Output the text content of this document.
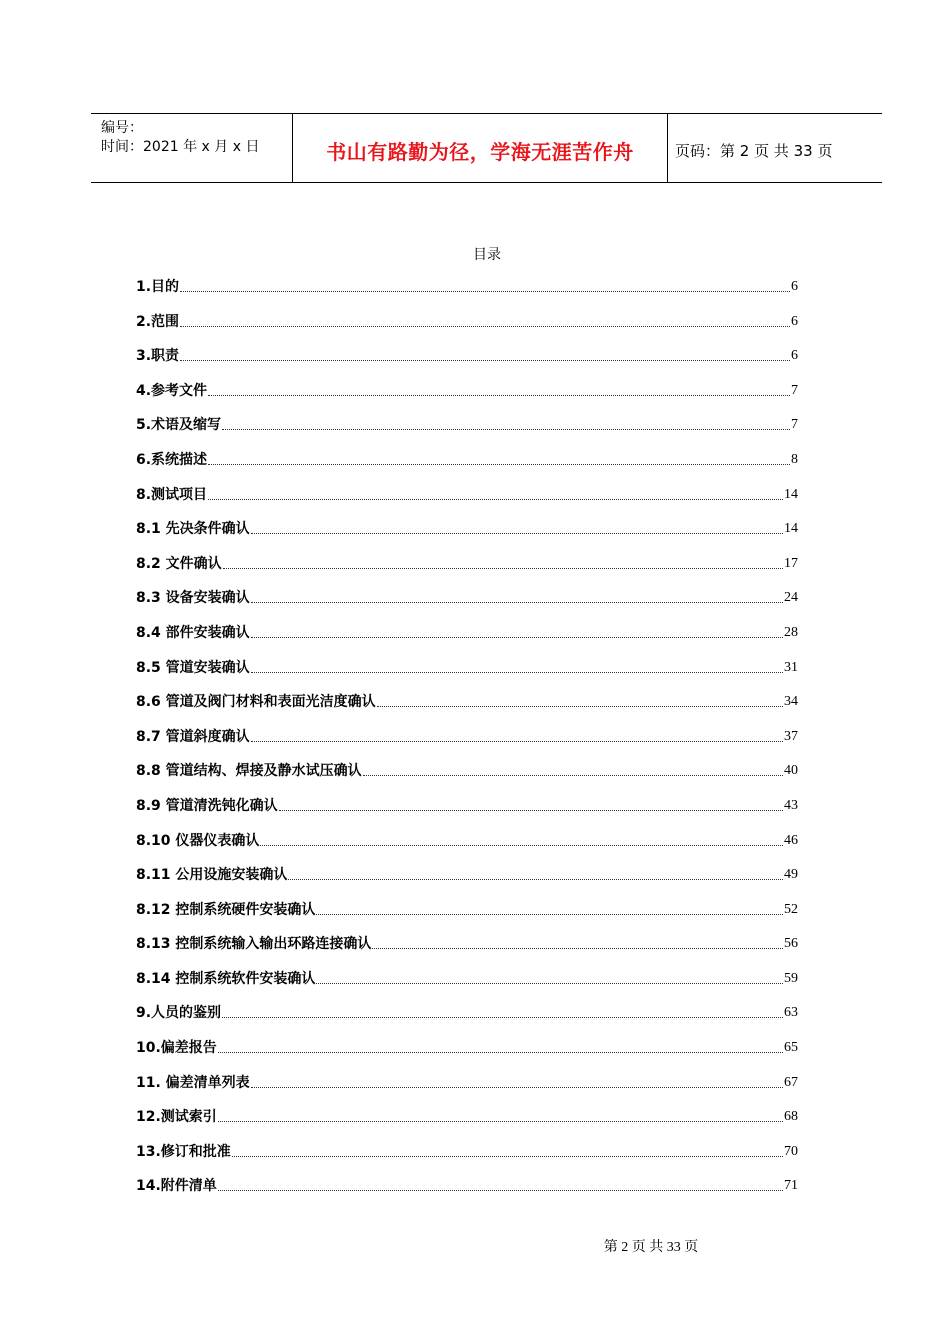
编号：
时间：2021 年 x 月 x 日	书山有路勤为径，学海无涯苦作舟	页码：第 2 页 共 33 页
目录
1.目的	6
2.范围	6
3.职责	6
4.参考文件	7
5.术语及缩写	7
6.系统描述	8
8.测试项目	14
8.1 先决条件确认	14
8.2 文件确认	17
8.3 设备安装确认	24
8.4 部件安装确认	28
8.5 管道安装确认	31
8.6 管道及阀门材料和表面光洁度确认	34
8.7 管道斜度确认	37
8.8 管道结构、焊接及静水试压确认	40
8.9 管道清洗钝化确认	43
8.10 仪器仪表确认	46
8.11 公用设施安装确认	49
8.12 控制系统硬件安装确认	52
8.13 控制系统输入输出环路连接确认	56
8.14 控制系统软件安装确认	59
9.人员的鉴别	63
10.偏差报告	65
11. 偏差清单列表	67
12.测试索引	68
13.修订和批准	70
14.附件清单	71
第 2 页 共 33 页
